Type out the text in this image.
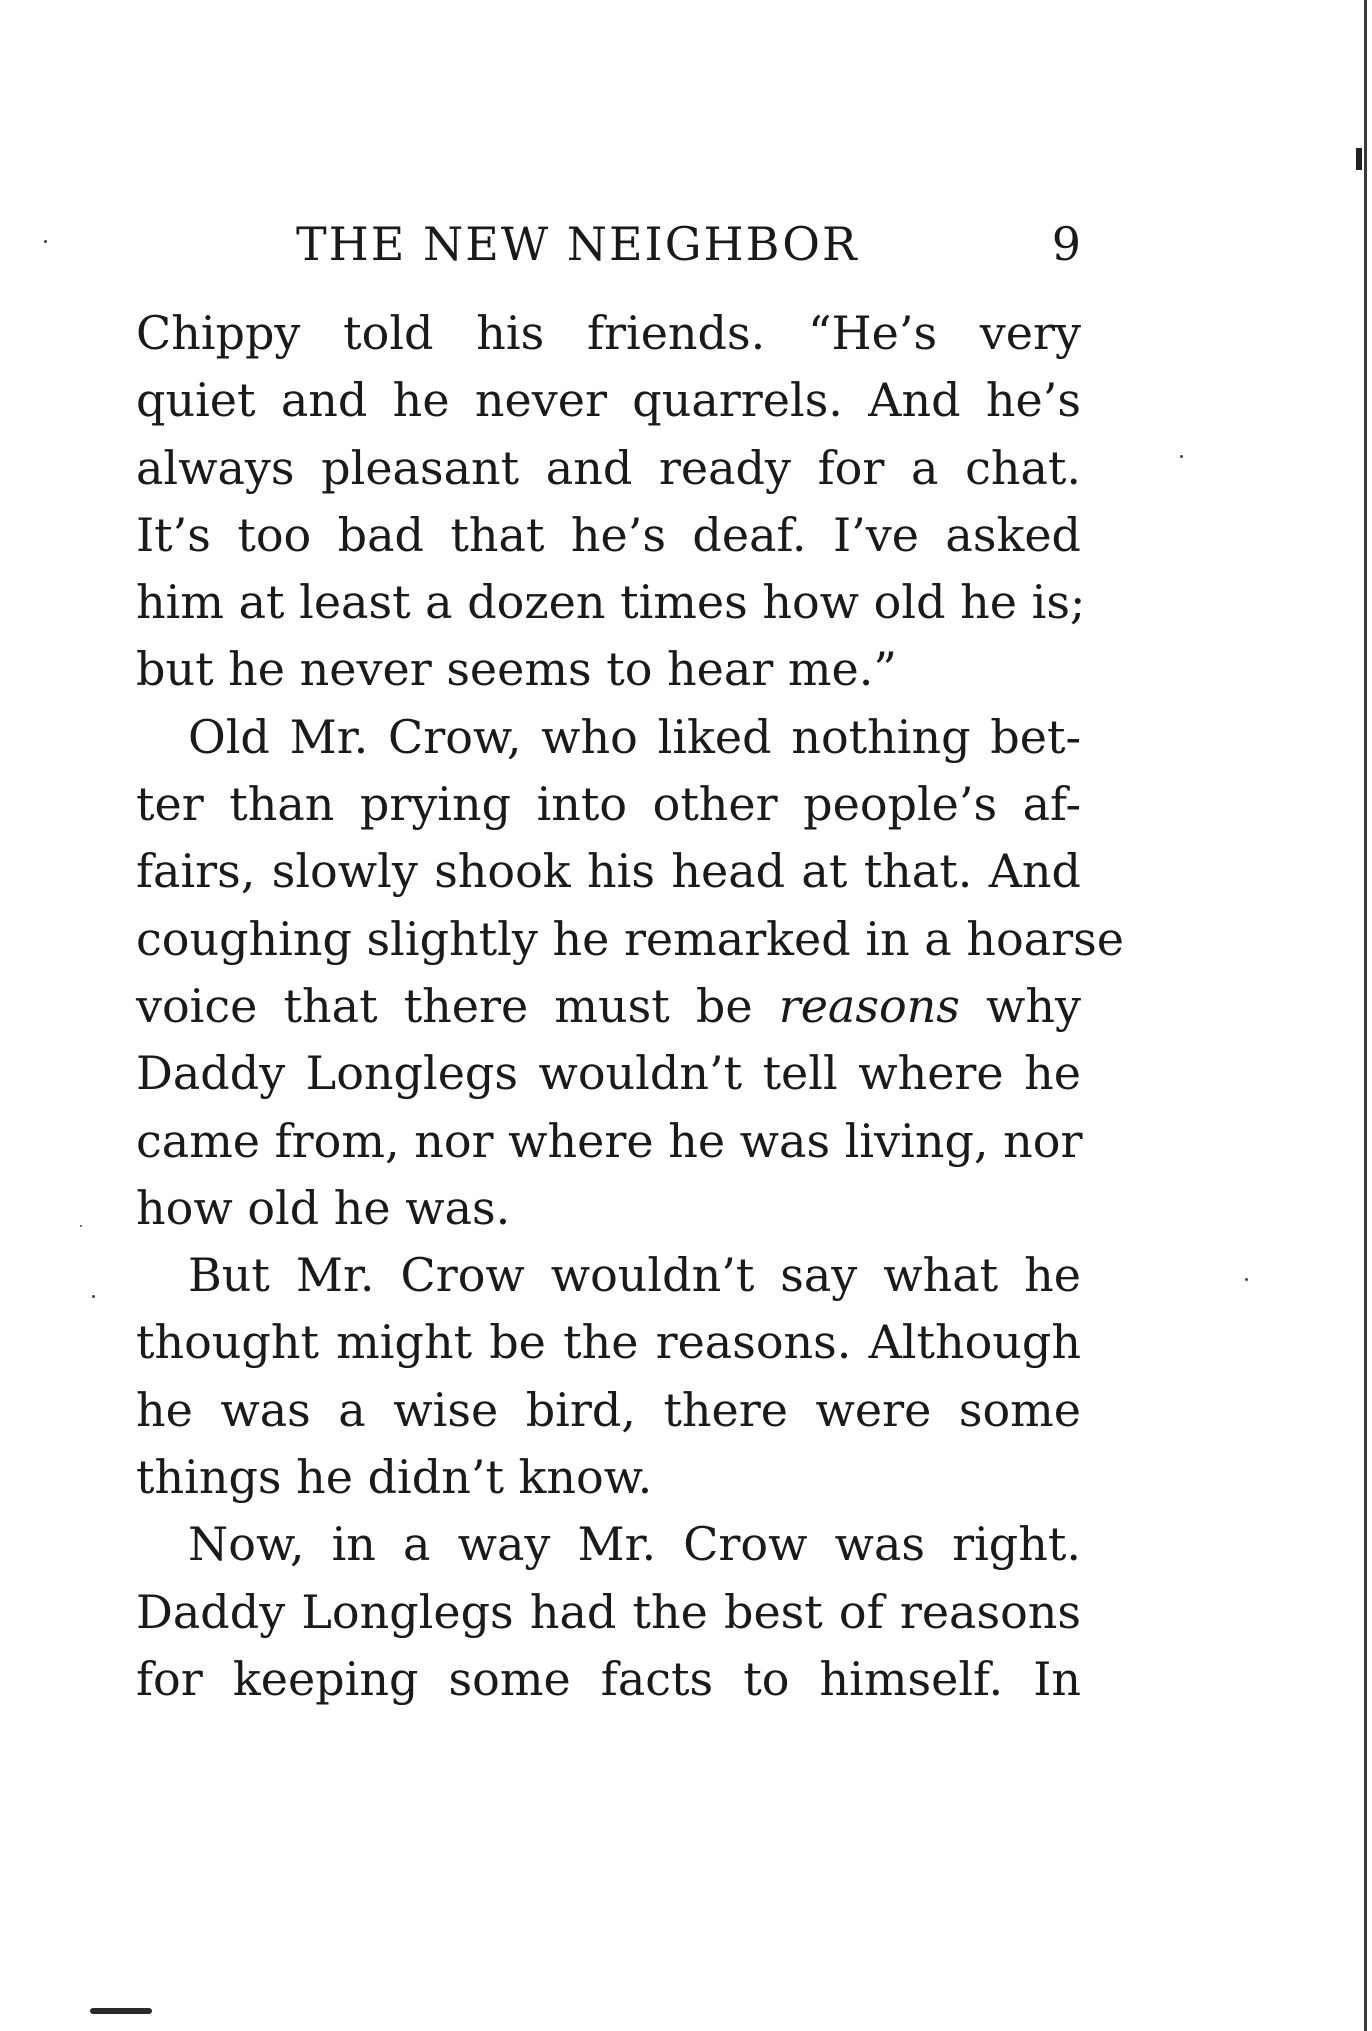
THE NEW NEIGHBOR	9
Chippy told his friends. “He’s very
quiet and he never quarrels. And he’s
always pleasant and ready for a chat.
It’s too bad that he’s deaf. I’ve asked
him at least a dozen times how old he is;
but he never seems to hear me.”
Old Mr. Crow, who liked nothing bet-
ter than prying into other people’s af-
fairs, slowly shook his head at that. And
coughing slightly he remarked in a hoarse
voice that there must be reasons why
Daddy Longlegs wouldn’t tell where he
came from, nor where he was living, nor
how old he was.
But Mr. Crow wouldn’t say what he
thought might be the reasons. Although
he was a wise bird, there were some
things he didn’t know.
Now, in a way Mr. Crow was right.
Daddy Longlegs had the best of reasons
for keeping some facts to himself. In
